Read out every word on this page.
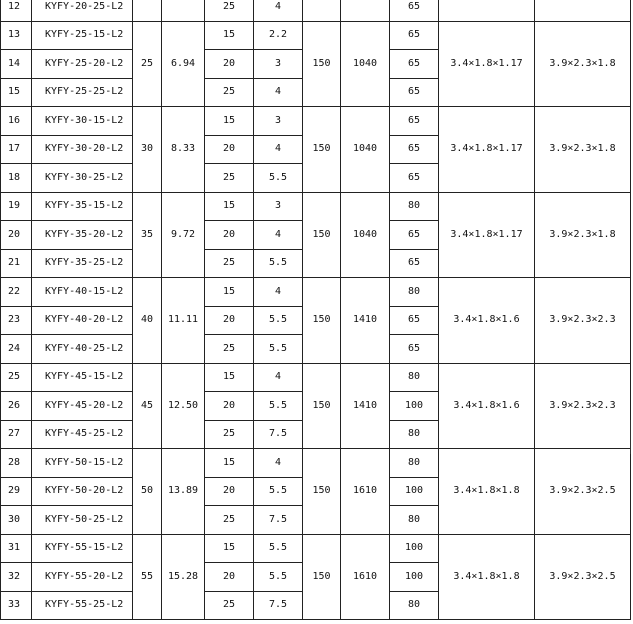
12	KYFY-20-25-L2			25	4			65		
13	KYFY-25-15-L2	25	6.94	15	2.2	150	1040	65	3.4×1.8×1.17	3.9×2.3×1.8
14	KYFY-25-20-L2			20	3			65		
15	KYFY-25-25-L2			25	4			65		
16	KYFY-30-15-L2	30	8.33	15	3	150	1040	65	3.4×1.8×1.17	3.9×2.3×1.8
17	KYFY-30-20-L2			20	4			65		
18	KYFY-30-25-L2			25	5.5			65		
19	KYFY-35-15-L2	35	9.72	15	3	150	1040	80	3.4×1.8×1.17	3.9×2.3×1.8
20	KYFY-35-20-L2			20	4			65		
21	KYFY-35-25-L2			25	5.5			65		
22	KYFY-40-15-L2	40	11.11	15	4	150	1410	80	3.4×1.8×1.6	3.9×2.3×2.3
23	KYFY-40-20-L2			20	5.5			65		
24	KYFY-40-25-L2			25	5.5			65		
25	KYFY-45-15-L2	45	12.50	15	4	150	1410	80	3.4×1.8×1.6	3.9×2.3×2.3
26	KYFY-45-20-L2			20	5.5			100		
27	KYFY-45-25-L2			25	7.5			80		
28	KYFY-50-15-L2	50	13.89	15	4	150	1610	80	3.4×1.8×1.8	3.9×2.3×2.5
29	KYFY-50-20-L2			20	5.5			100		
30	KYFY-50-25-L2			25	7.5			80		
31	KYFY-55-15-L2	55	15.28	15	5.5	150	1610	100	3.4×1.8×1.8	3.9×2.3×2.5
32	KYFY-55-20-L2			20	5.5			100		
33	KYFY-55-25-L2			25	7.5			80		
